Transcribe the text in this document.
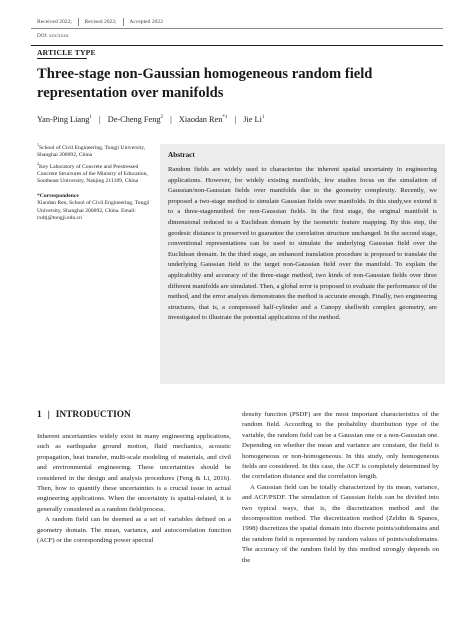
Received 2022;	Revised 2022;	Accepted 2022
DOI: xxx/xxxx
ARTICLE TYPE
Three-stage non-Gaussian homogeneous random field representation over manifolds
Yan-Ping Liang$^1$ | De-Cheng Feng$^2$ | Xiaodan Ren$^{*1}$ | Jie Li$^1$
$^1$School of Civil Engineering, Tongji University, Shanghai 200092, China
$^2$Key Laboratory of Concrete and Prestressed Concrete Structures of the Ministry of Education, Southeast University, Nanjing 211189, China
*Correspondence
Xiaodan Ren, School of Civil Engineering, Tongji University, Shanghai 200092, China. Email: rxdtj@tongji.edu.cn
Abstract
Random fields are widely used to characterize the inherent spatial uncertainty in engineering applications. However, for widely existing manifolds, few studies focus on the simulation of Gaussian/non-Gaussian fields over manifolds due to the geometry complexity. Recently, we proposed a two-stage method to simulate Gaussian fields over manifolds. In this study,we extend it to a three-stagemethod for non-Gaussian fields. In the first stage, the original manifold is dimensional reduced to a Euclidean domain by the isometric feature mapping. By this step, the geodesic distance is preserved to guarantee the correlation structure unchanged. In the second stage, conventional representations can be used to simulate the underlying Gaussian field over the Euclidean domain. In the third stage, an enhanced translation procedure is proposed to translate the underlying Gaussian field to the target non-Gaussian field over the manifold. To explain the applicability and accuracy of the three-stage method, two kinds of non-Gaussian fields over three different manifolds are simulated. Then, a global error is proposed to evaluate the performance of the method, and the error analysis demonstrates the method is accurate enough. Finally, two engineering structures, that is, a compressed half-cylinder and a Canopy shellwith complex geometry, are investigated to illustrate the potential applications of the method.
1 | INTRODUCTION

Inherent uncertainties widely exist in many engineering applications, such as earthquake ground motion, fluid mechanics, acoustic propagation, heat transfer, multi-scale modeling of materials, and civil and environmental engineering. These uncertainties should be considered in the design and analysis procedures (Feng & Li, 2016). Then, how to quantify these uncertainties is a crucial issue in actual engineering applications. When the uncertainty is spatial-related, it is generally considered as a random field/process.

A random field can be deemed as a set of variables defined on a geometry domain. The mean, variance, and autocorrelation function (ACF) or the corresponding power spectral

density function (PSDF) are the most important characteristics of the random field. According to the probability distribution type of the variable, the random field can be a Gaussian one or a non-Gaussian one. Depending on whether the mean and variance are constant, the field is homogeneous or non-homogeneous. In this study, only homogeneous fields are considered. In this case, the ACF is completely determined by the correlation distance and the correlation length.

A Gaussian field can be totally characterized by its mean, variance, and ACF/PSDF. The simulation of Gaussian fields can be divided into two typical ways, that is, the discretization method and the decomposition method. The discretization method (Zeldin & Spanos, 1998) discretizes the spatial domain into discrete points/subdomains and the random field is represented by random values of points/subdomains. The accuracy of the random field by this method strongly depends on the
